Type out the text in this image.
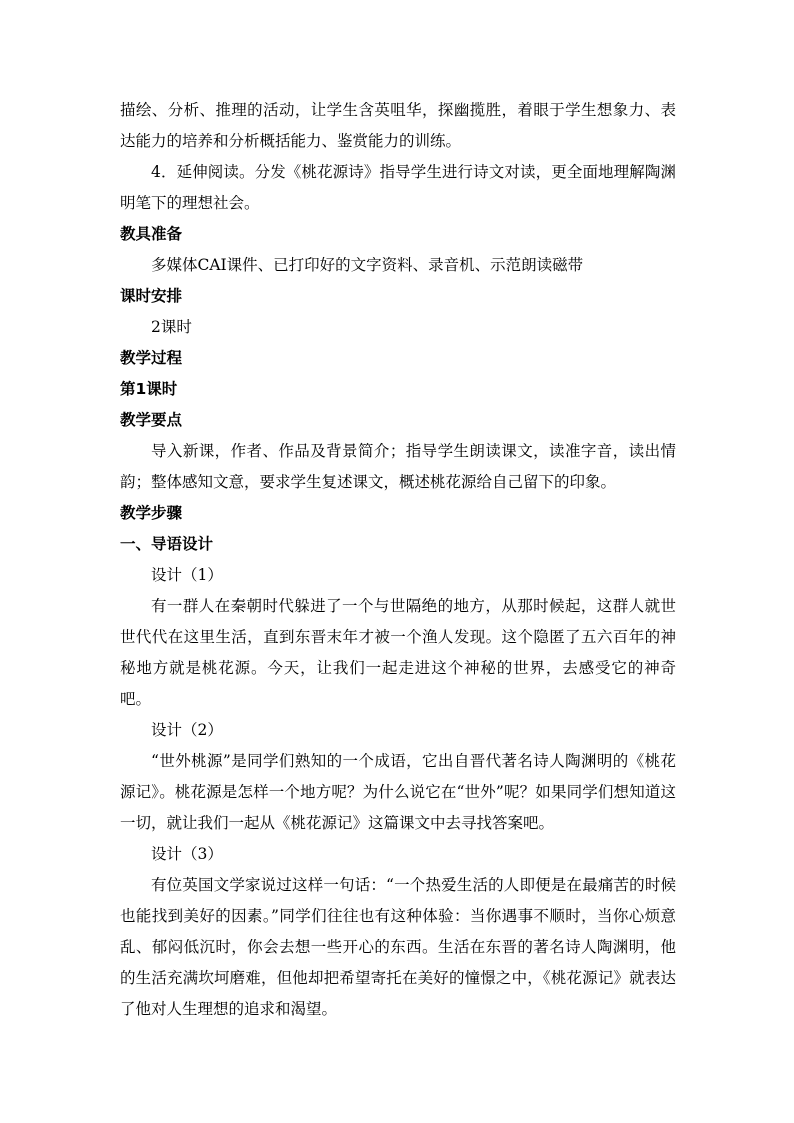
描绘、分析、推理的活动，让学生含英咀华，探幽揽胜，着眼于学生想象力、表达能力的培养和分析概括能力、鉴赏能力的训练。

4．延伸阅读。分发《桃花源诗》指导学生进行诗文对读，更全面地理解陶渊明笔下的理想社会。

教具准备

多媒体CAI课件、已打印好的文字资料、录音机、示范朗读磁带

课时安排

2课时

教学过程

第1课时

教学要点

导入新课，作者、作品及背景简介；指导学生朗读课文，读准字音，读出情韵；整体感知文意，要求学生复述课文，概述桃花源给自己留下的印象。

教学步骤

一、导语设计

设计（1）

有一群人在秦朝时代躲进了一个与世隔绝的地方，从那时候起，这群人就世世代代在这里生活，直到东晋末年才被一个渔人发现。这个隐匿了五六百年的神秘地方就是桃花源。今天，让我们一起走进这个神秘的世界，去感受它的神奇吧。

设计（2）

“世外桃源”是同学们熟知的一个成语，它出自晋代著名诗人陶渊明的《桃花源记》。桃花源是怎样一个地方呢？为什么说它在“世外”呢？如果同学们想知道这一切，就让我们一起从《桃花源记》这篇课文中去寻找答案吧。

设计（3）

有位英国文学家说过这样一句话：“一个热爱生活的人即便是在最痛苦的时候也能找到美好的因素。”同学们往往也有这种体验：当你遇事不顺时，当你心烦意乱、郁闷低沉时，你会去想一些开心的东西。生活在东晋的著名诗人陶渊明，他的生活充满坎坷磨难，但他却把希望寄托在美好的憧憬之中，《桃花源记》就表达了他对人生理想的追求和渴望。
